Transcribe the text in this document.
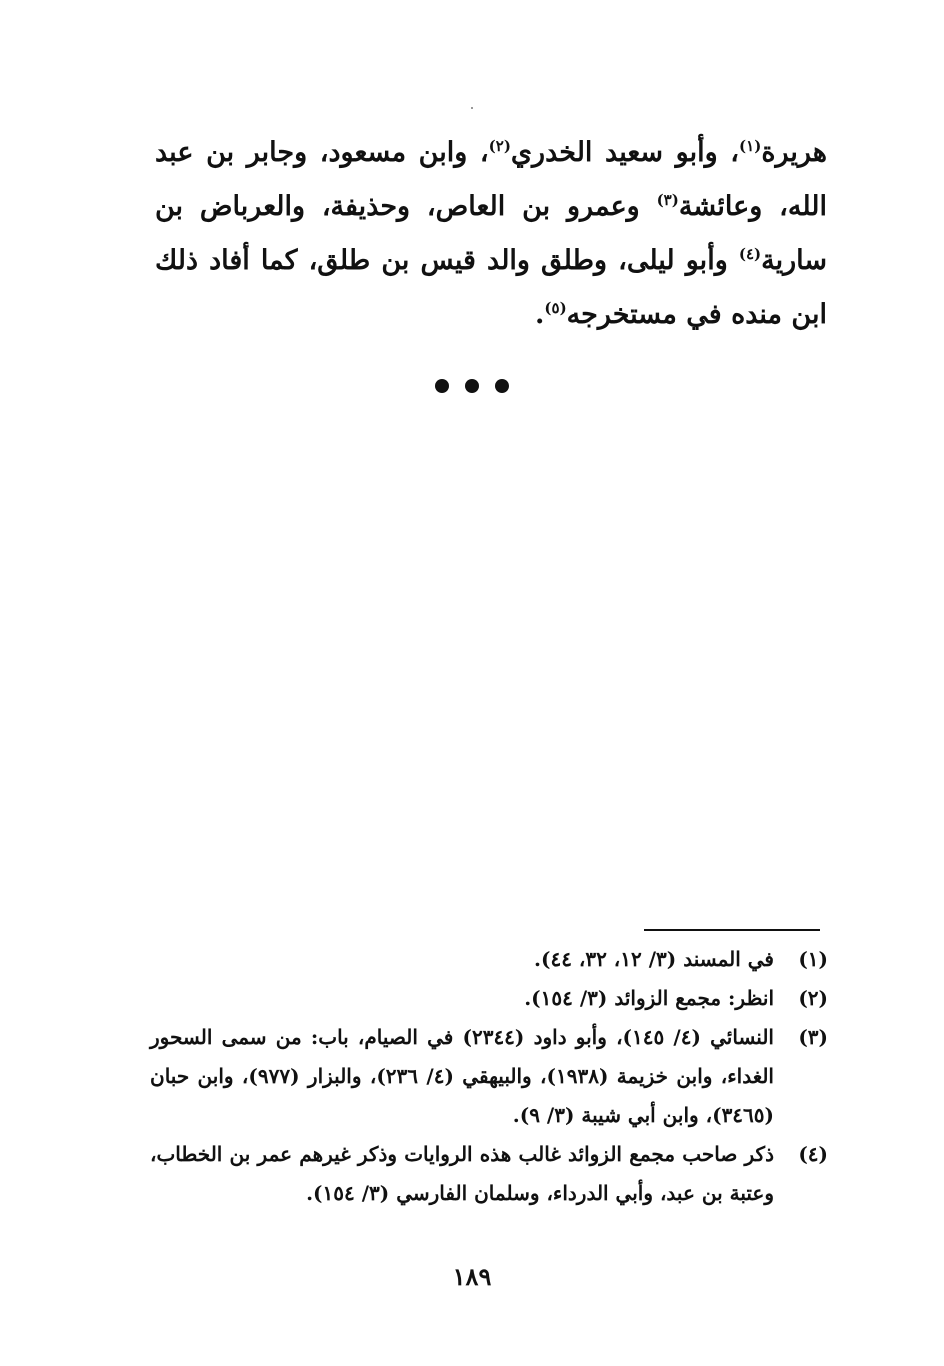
هريرة$^{(١)}$، وأبو سعيد الخدري$^{(٢)}$، وابن مسعود، وجابر بن عبد الله، وعائشة$^{(٣)}$ وعمرو بن العاص، وحذيفة، والعرباض بن سارية$^{(٤)}$ وأبو ليلى، وطلق والد قيس بن طلق، كما أفاد ذلك ابن منده في مستخرجه$^{(٥)}$.
(١)
في المسند (٣/ ١٢، ٣٢، ٤٤).
(٢)
انظر: مجمع الزوائد (٣/ ١٥٤).
(٣)
النسائي (٤/ ١٤٥)، وأبو داود (٢٣٤٤) في الصيام، باب: من سمى السحور الغداء، وابن خزيمة (١٩٣٨)، والبيهقي (٤/ ٢٣٦)، والبزار (٩٧٧)، وابن حبان (٣٤٦٥)، وابن أبي شيبة (٣/ ٩).
(٤)
ذكر صاحب مجمع الزوائد غالب هذه الروايات وذكر غيرهم عمر بن الخطاب، وعتبة بن عبد، وأبي الدرداء، وسلمان الفارسي (٣/ ١٥٤).
١٨٩
